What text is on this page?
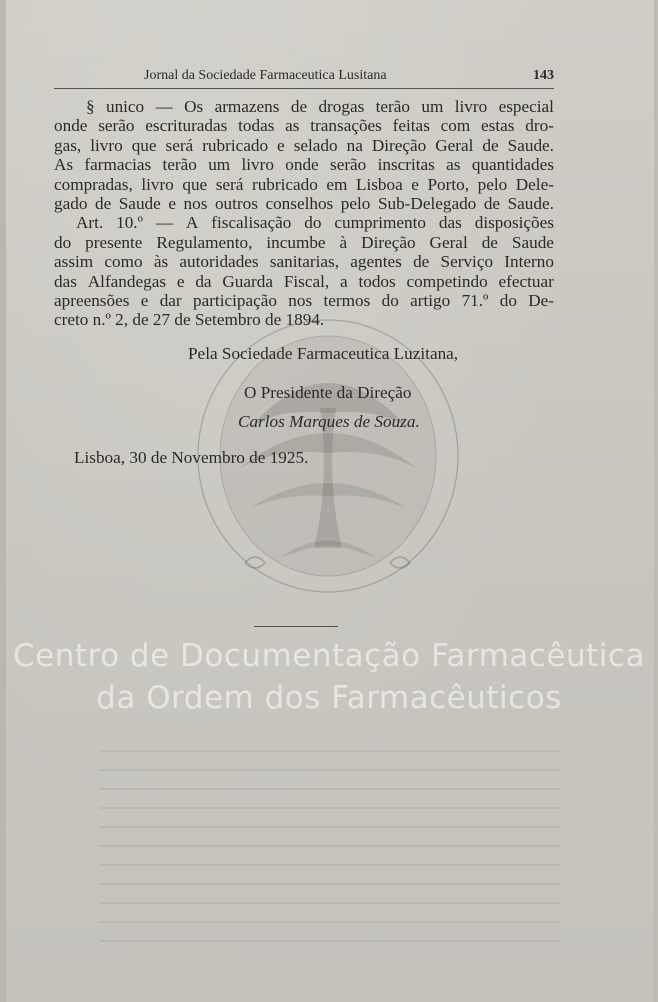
Jornal da Sociedade Farmaceutica Lusitana	143
§ unico — Os armazens de drogas terão um livro especial
onde serão escrituradas todas as transações feitas com estas dro-
gas, livro que será rubricado e selado na Direção Geral de Saude.
As farmacias terão um livro onde serão inscritas as quantidades
compradas, livro que será rubricado em Lisboa e Porto, pelo Dele-
gado de Saude e nos outros conselhos pelo Sub-Delegado de Saude.
Art. 10.º — A fiscalisação do cumprimento das disposições
do presente Regulamento, incumbe à Direção Geral de Saude
assim como às autoridades sanitarias, agentes de Serviço Interno
das Alfandegas e da Guarda Fiscal, a todos competindo efectuar
apreensões e dar participação nos termos do artigo 71.º do De-
creto n.º 2, de 27 de Setembro de 1894.
Pela Sociedade Farmaceutica Luzitana,
O Presidente da Direção
Carlos Marques de Souza.
Lisboa, 30 de Novembro de 1925.
Centro de Documentação Farmacêutica
da Ordem dos Farmacêuticos
